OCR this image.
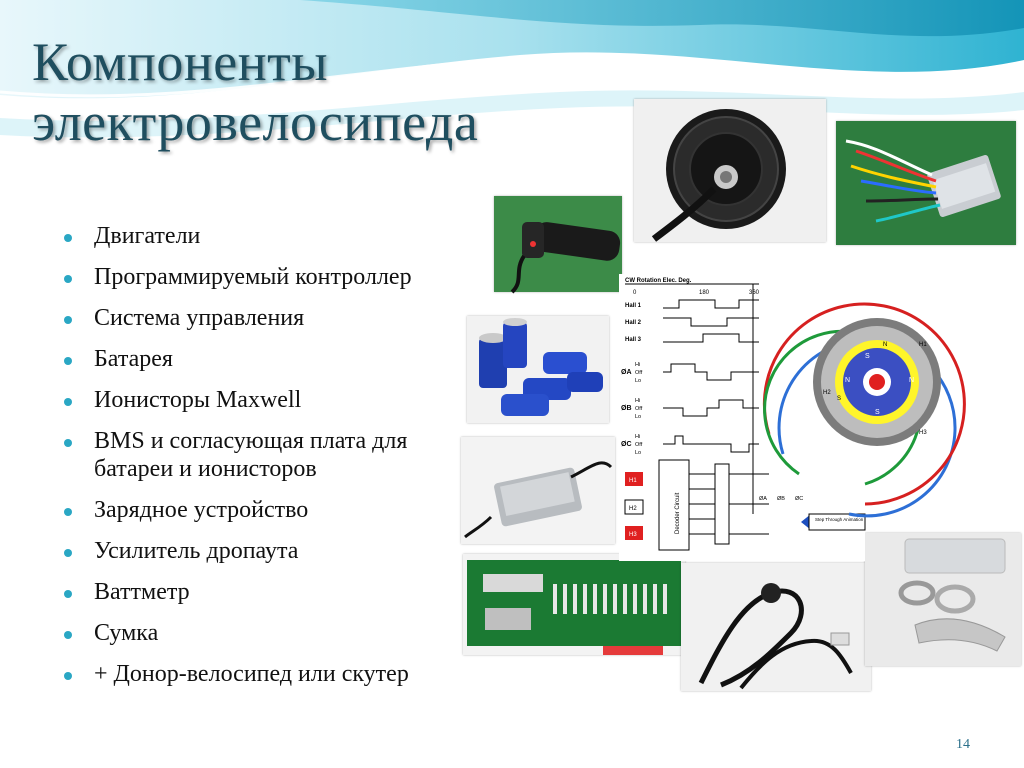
Компоненты
электровелосипеда
Двигатели
Программируемый контроллер
Система управления
Батарея
Ионисторы Maxwell
BMS и согласующая плата для батареи и ионисторов
Зарядное устройство
Усилитель дропаута
Ваттметр
Сумка
+ Донор-велосипед или скутер
CW Rotation Elec. Deg.
0	180	360
Hall 1
Hall 2
Hall 3
ØA
ØB
ØC
Hi
Off
Lo
Hi
Off
Lo
Hi
Off
Lo
H1
H2
H3
Decoder Circuit	ØA ØB ØC
Step Through Animation
S
N	N
S
N
S
H1
H2
H3
14
